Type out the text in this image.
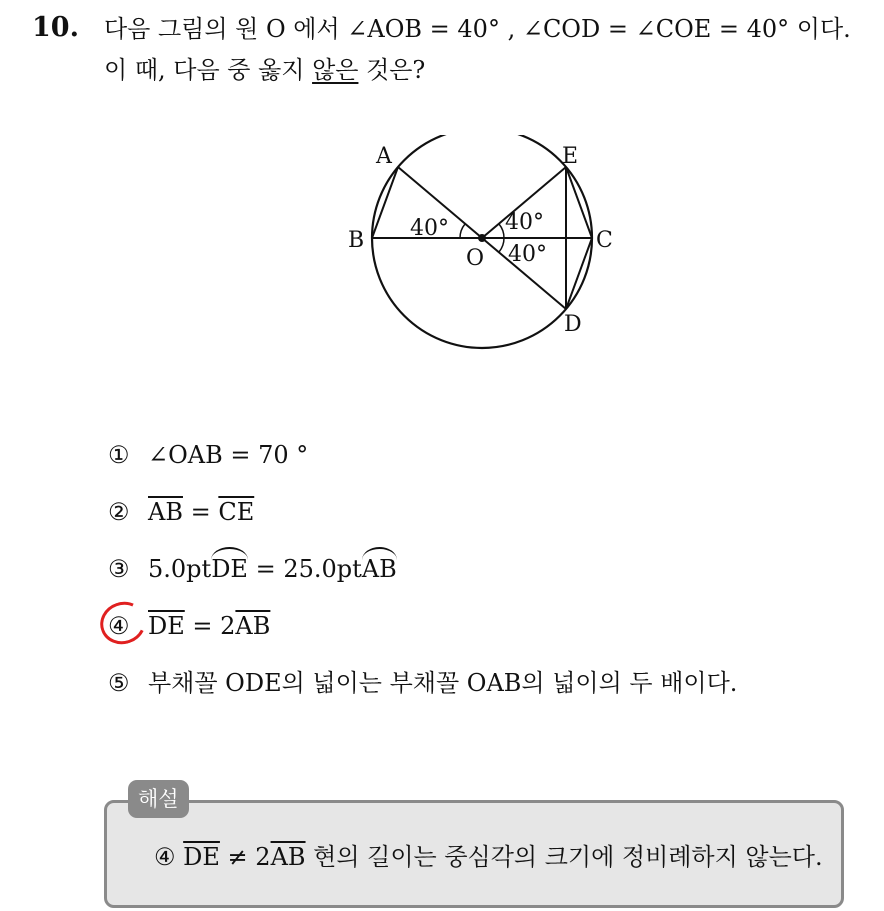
10. 다음 그림의 원 O 에서 ∠AOB = 40° , ∠COD = ∠COE = 40° 이다.
이 때, 다음 중 옳지 않은 것은?
A
B	C
D
E
O
40°	40°
40°
① ∠OAB = 70 °
② $\overline{AB} = \overline{CE}$
③ 5.0ptDE = 25.0ptAB
④ $\overline{DE} = 2\overline{AB}$
⑤ 부채꼴 ODE의 넓이는 부채꼴 OAB의 넓이의 두 배이다.
해설
④ $\overline{DE} \ne 2\overline{AB}$ 현의 길이는 중심각의 크기에 정비례하지 않는다.
